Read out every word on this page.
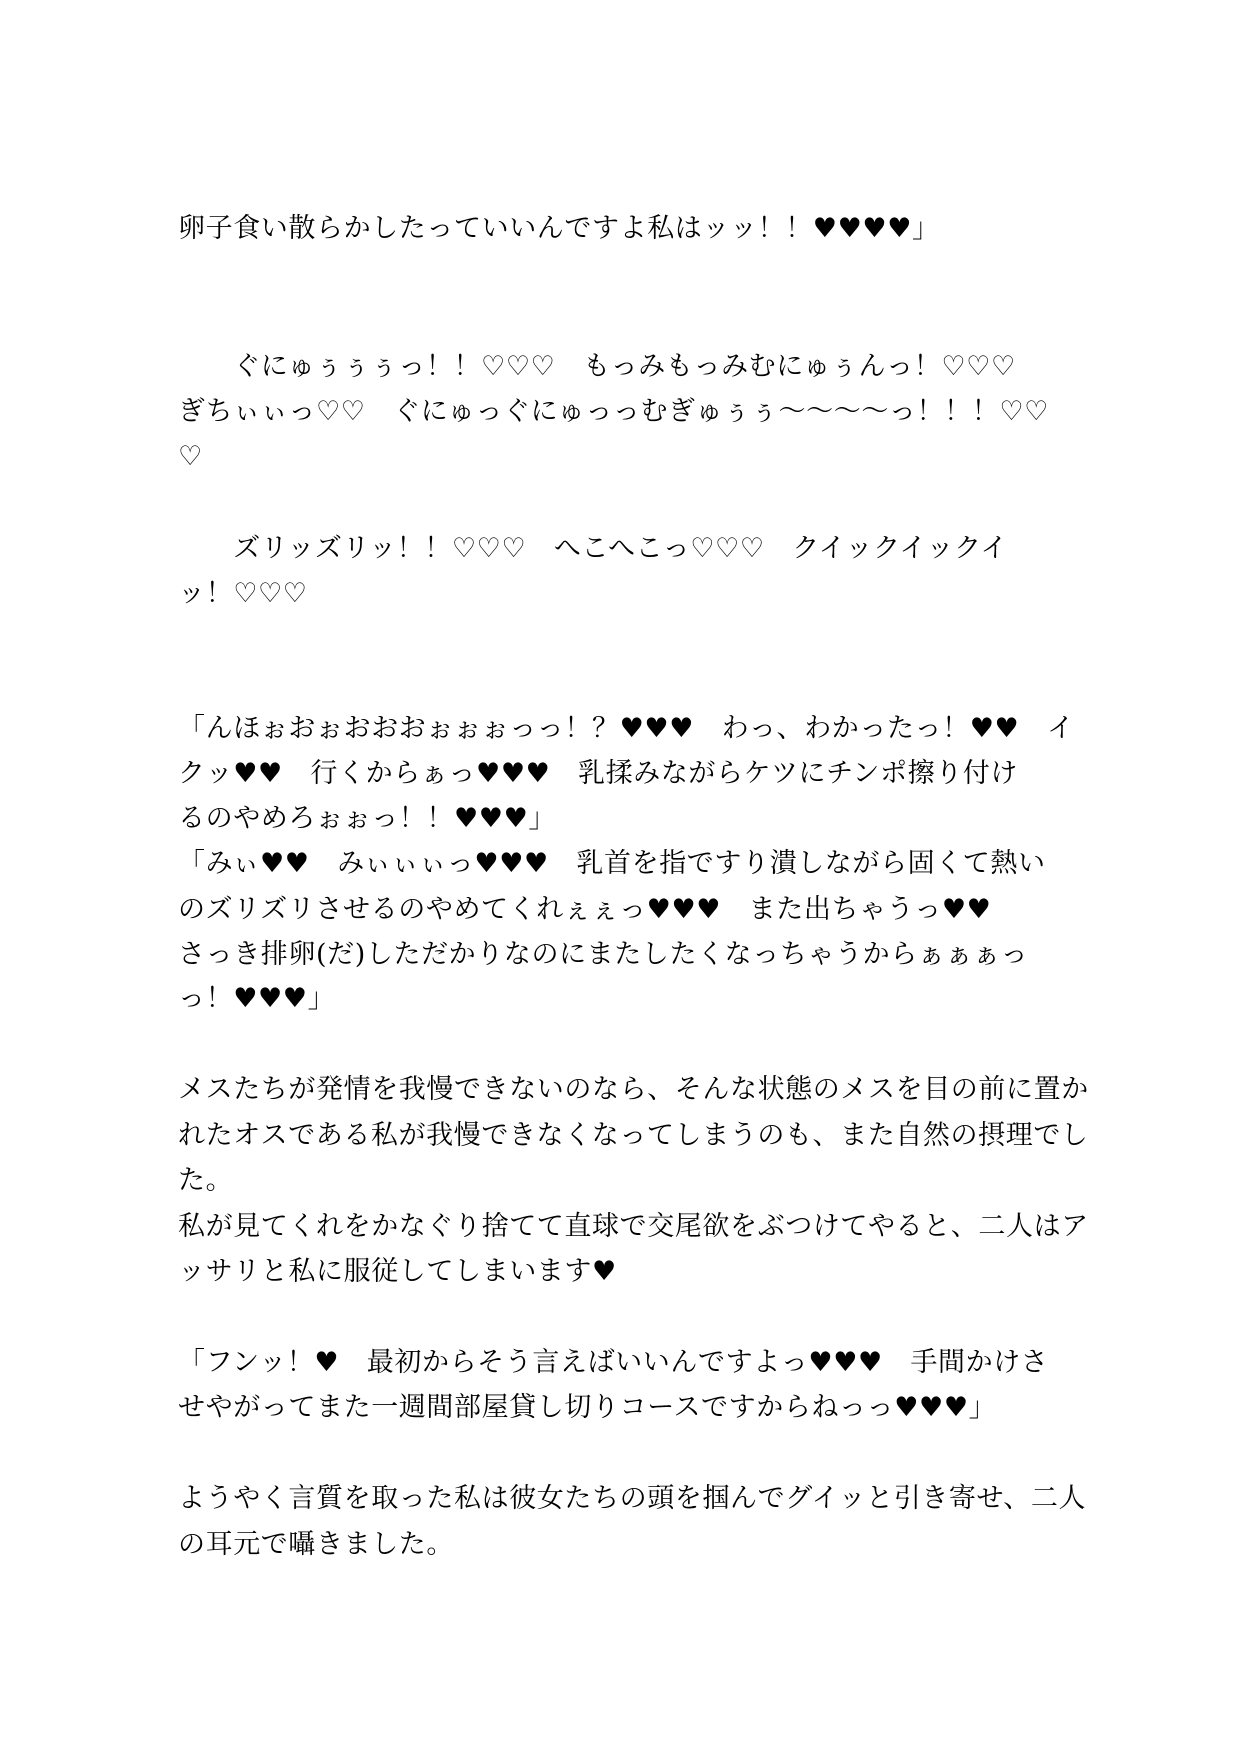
卵子食い散らかしたっていいんですよ私はッッ！！♥♥♥♥」
　　ぐにゅぅぅぅっ！！♡♡♡　もっみもっみむにゅぅんっ！♡♡♡
ぎちぃぃっ♡♡　ぐにゅっぐにゅっっむぎゅぅぅ〜〜〜〜っ！！！♡♡
♡
　　ズリッズリッ！！♡♡♡　へこへこっ♡♡♡　クイックイックイ
ッ！♡♡♡
「んほぉおぉおおおぉぉぉっっ！？♥♥♥　わっ、わかったっ！♥♥　イ
クッ♥♥　行くからぁっ♥♥♥　乳揉みながらケツにチンポ擦り付け
るのやめろぉぉっ！！♥♥♥」
「みぃ♥♥　みぃぃぃっ♥♥♥　乳首を指ですり潰しながら固くて熱い
のズリズリさせるのやめてくれぇぇっ♥♥♥　また出ちゃうっ♥♥
さっき排卵(だ)しただかりなのにまたしたくなっちゃうからぁぁぁっ
っ！♥♥♥」
メスたちが発情を我慢できないのなら、そんな状態のメスを目の前に置か
れたオスである私が我慢できなくなってしまうのも、また自然の摂理でし
た。
私が見てくれをかなぐり捨てて直球で交尾欲をぶつけてやると、二人はア
ッサリと私に服従してしまいます♥
「フンッ！♥　最初からそう言えばいいんですよっ♥♥♥　手間かけさ
せやがってまた一週間部屋貸し切りコースですからねっっ♥♥♥」
ようやく言質を取った私は彼女たちの頭を掴んでグイッと引き寄せ、二人
の耳元で囁きました。
